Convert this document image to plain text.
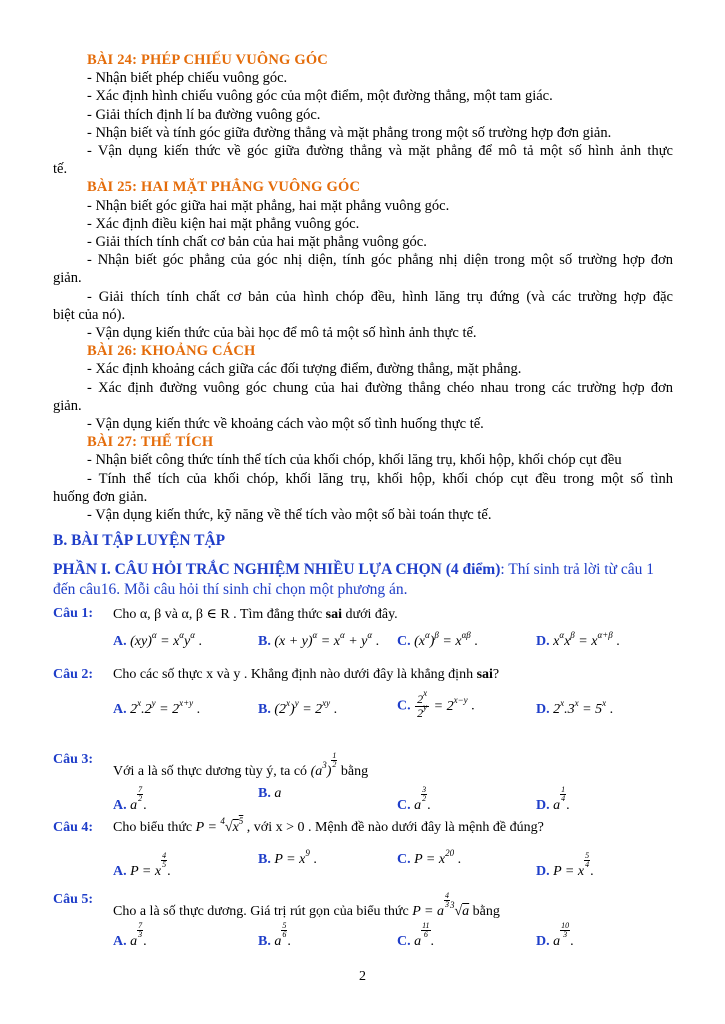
BÀI 24: PHÉP CHIẾU VUÔNG GÓC
- Nhận biết phép chiếu vuông góc.
- Xác định hình chiếu vuông góc của một điểm, một đường thẳng, một tam giác.
- Giải thích định lí ba đường vuông góc.
- Nhận biết và tính góc giữa đường thẳng và mặt phẳng trong một số trường hợp đơn giản.
- Vận dụng kiến thức về góc giữa đường thẳng và mặt phẳng để mô tả một số hình ảnh thực
tế.
BÀI 25: HAI MẶT PHẲNG VUÔNG GÓC
- Nhận biết góc giữa hai mặt phẳng, hai mặt phẳng vuông góc.
- Xác định điều kiện hai mặt phẳng vuông góc.
- Giải thích tính chất cơ bản của hai mặt phẳng vuông góc.
- Nhận biết góc phẳng của góc nhị diện, tính góc phẳng nhị diện trong một số trường hợp đơn
giản.
- Giải thích tính chất cơ bản của hình chóp đều, hình lăng trụ đứng (và các trường hợp đặc
biệt của nó).
- Vận dụng kiến thức của bài học để mô tả một số hình ảnh thực tế.
BÀI 26: KHOẢNG CÁCH
- Xác định khoảng cách giữa các đối tượng điểm, đường thẳng, mặt phẳng.
- Xác định đường vuông góc chung của hai đường thẳng chéo nhau trong các trường hợp đơn
giản.
- Vận dụng kiến thức về khoảng cách vào một số tình huống thực tế.
BÀI 27: THỂ TÍCH
- Nhận biết công thức tính thể tích của khối chóp, khối lăng trụ, khối hộp, khối chóp cụt đều
- Tính thể tích của khối chóp, khối lăng trụ, khối hộp, khối chóp cụt đều trong một số tình
huống đơn giản.
- Vận dụng kiến thức, kỹ năng về thể tích vào một số bài toán thực tế.
B. BÀI TẬP LUYỆN TẬP
PHẦN I. CÂU HỎI TRẮC NGHIỆM NHIỀU LỰA CHỌN (4 điểm): Thí sinh trả lời từ câu 1 đến câu16. Mỗi câu hỏi thí sinh chỉ chọn một phương án.
Câu 1: Cho α, β và α, β ∈ R . Tìm đẳng thức sai dưới đây.
A. $(xy)^\alpha = x^\alpha y^\alpha$ .	B. $(x + y)^\alpha = x^\alpha + y^\alpha$ . C. $(x^\alpha)^\beta = x^{\alpha\beta}$ .	D. $x^\alpha x^\beta = x^{\alpha+\beta}$ .
Câu 2: Cho các số thực x và y . Khẳng định nào dưới đây là khẳng định sai?
A. $2^x.2^y = 2^{x+y}$ .	B. $(2^x)^y = 2^{xy}$ .	C. $\frac{2^x}{2^y} = 2^{x-y}$ .	D. $2^x.3^x = 5^x$ .
Câu 3:
Với a là số thực dương tùy ý, ta có $(a^3)$
$\frac{1}{2}$
bằng
A. a
$\frac{7}{2}$
.
B. a
C. a
$\frac{3}{2}$
.	D. a
$\frac{1}{4}$
.
Câu 4: Cho biểu thức $P = ^4√x^5$ , với x > 0 . Mệnh đề nào dưới đây là mệnh đề đúng?
A. P = x
$\frac{4}{5}$
.
B. $P = x^9$ .	C. $P = x^{20}$ .
D. P = x
$\frac{5}{4}$
.
Câu 5:
Cho a là số thực dương. Giá trị rút gọn của biểu thức P = a
$\frac{4}{3} ^3√a$ bằng
A. a
$\frac{7}{3}$
.	B. a
$\frac{5}{6}$
.	C. a
$\frac{11}{6}$
.	D. a
$\frac{10}{3}$
.
2
